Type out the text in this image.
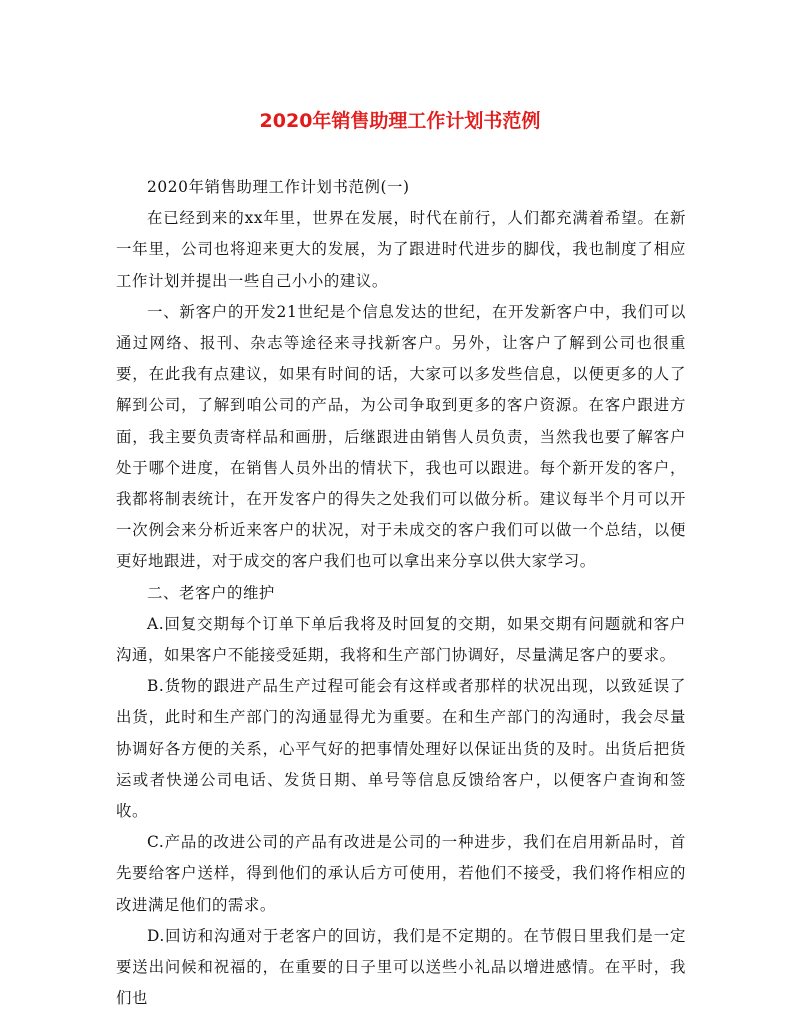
2020年销售助理工作计划书范例

2020年销售助理工作计划书范例(一)

在已经到来的xx年里，世界在发展，时代在前行，人们都充满着希望。在新一年里，公司也将迎来更大的发展，为了跟进时代进步的脚伐，我也制度了相应工作计划并提出一些自己小小的建议。

一、新客户的开发21世纪是个信息发达的世纪，在开发新客户中，我们可以通过网络、报刊、杂志等途径来寻找新客户。另外，让客户了解到公司也很重要，在此我有点建议，如果有时间的话，大家可以多发些信息，以便更多的人了解到公司，了解到咱公司的产品，为公司争取到更多的客户资源。在客户跟进方面，我主要负责寄样品和画册，后继跟进由销售人员负责，当然我也要了解客户处于哪个进度，在销售人员外出的情状下，我也可以跟进。每个新开发的客户，我都将制表统计，在开发客户的得失之处我们可以做分析。建议每半个月可以开一次例会来分析近来客户的状况，对于未成交的客户我们可以做一个总结，以便更好地跟进，对于成交的客户我们也可以拿出来分享以供大家学习。

二、老客户的维护

A.回复交期每个订单下单后我将及时回复的交期，如果交期有问题就和客户沟通，如果客户不能接受延期，我将和生产部门协调好，尽量满足客户的要求。

B.货物的跟进产品生产过程可能会有这样或者那样的状况出现，以致延误了出货，此时和生产部门的沟通显得尤为重要。在和生产部门的沟通时，我会尽量协调好各方便的关系，心平气好的把事情处理好以保证出货的及时。出货后把货运或者快递公司电话、发货日期、单号等信息反馈给客户，以便客户查询和签收。

C.产品的改进公司的产品有改进是公司的一种进步，我们在启用新品时，首先要给客户送样，得到他们的承认后方可使用，若他们不接受，我们将作相应的改进满足他们的需求。

D.回访和沟通对于老客户的回访，我们是不定期的。在节假日里我们是一定要送出问候和祝福的，在重要的日子里可以送些小礼品以增进感情。在平时，我们也
